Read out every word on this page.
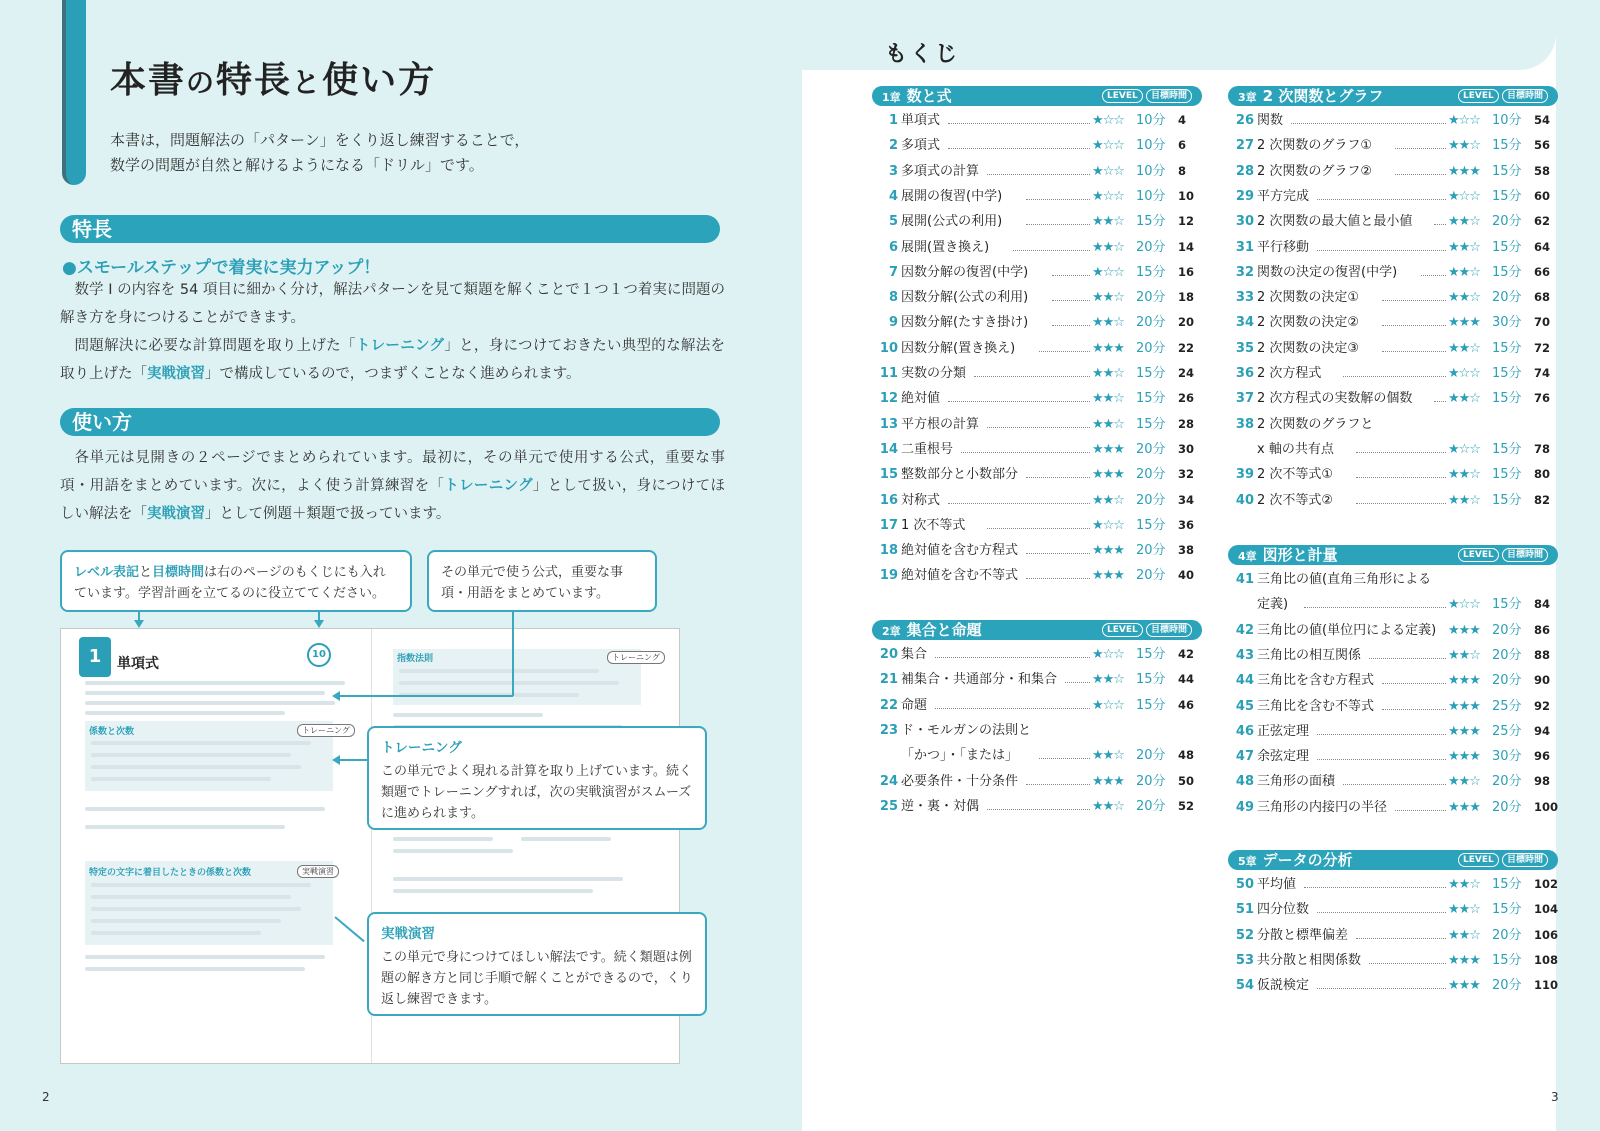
本書の特長と使い方
本書は，問題解法の「パターン」をくり返し練習することで，
数学の問題が自然と解けるようになる「ドリル」です。
特長
●スモールステップで着実に実力アップ！
数学 I の内容を 54 項目に細かく分け，解法パターンを見て類題を解くことで１つ１つ着実に問題の解き方を身につけることができます。
問題解決に必要な計算問題を取り上げた「トレーニング」と，身につけておきたい典型的な解法を取り上げた「実戦演習」で構成しているので，つまずくことなく進められます。
使い方
各単元は見開きの２ページでまとめられています。最初に，その単元で使用する公式，重要な事項・用語をまとめています。次に，よく使う計算練習を「トレーニング」として扱い，身につけてほしい解法を「実戦演習」として例題＋類題で扱っています。
1	単項式
10
係数と次数	トレーニング
特定の文字に着目したときの係数と次数	実戦演習
指数法則	トレーニング
レベル表記と目標時間は右のページのもくじにも入れています。学習計画を立てるのに役立ててください。
その単元で使う公式，重要な事項・用語をまとめています。
トレーニング
この単元でよく現れる計算を取り上げています。続く類題でトレーニングすれば，次の実戦演習がスムーズに進められます。
実戦演習
この単元で身につけてほしい解法です。続く類題は例題の解き方と同じ手順で解くことができるので，くり返し練習できます。
2
もくじ
1章 数と式	LEVEL	目標時間
1 単項式	★☆☆ 10分 4
2 多項式	★☆☆ 10分 6
3 多項式の計算	★☆☆ 10分 8
4 展開の復習(中学)	★☆☆ 10分 10
5 展開(公式の利用)	★★☆ 15分 12
6 展開(置き換え)	★★☆ 20分 14
7 因数分解の復習(中学)	★☆☆ 15分 16
8 因数分解(公式の利用)	★★☆ 20分 18
9 因数分解(たすき掛け)	★★☆ 20分 20
10 因数分解(置き換え)	★★★ 20分 22
11 実数の分類	★★☆ 15分 24
12 絶対値	★★☆ 15分 26
13 平方根の計算	★★☆ 15分 28
14 二重根号	★★★ 20分 30
15 整数部分と小数部分	★★★ 20分 32
16 対称式	★★☆ 20分 34
17 1 次不等式	★☆☆ 15分 36
18 絶対値を含む方程式	★★★ 20分 38
19 絶対値を含む不等式	★★★ 20分 40
2章 集合と命題	LEVEL	目標時間
20 集合	★☆☆ 15分 42
21 補集合・共通部分・和集合	★★☆ 15分 44
22 命題	★☆☆ 15分 46
23 ド・モルガンの法則と
「かつ」・「または」	★★☆ 20分 48
24 必要条件・十分条件	★★★ 20分 50
25 逆・裏・対偶	★★☆ 20分 52
3章 2 次関数とグラフ	LEVEL	目標時間
26 関数	★☆☆ 10分 54
27 2 次関数のグラフ①	★★☆ 15分 56
28 2 次関数のグラフ②	★★★ 15分 58
29 平方完成	★☆☆ 15分 60
30 2 次関数の最大値と最小値	★★☆ 20分 62
31 平行移動	★★☆ 15分 64
32 関数の決定の復習(中学)	★★☆ 15分 66
33 2 次関数の決定①	★★☆ 20分 68
34 2 次関数の決定②	★★★ 30分 70
35 2 次関数の決定③	★★☆ 15分 72
36 2 次方程式	★☆☆ 15分 74
37 2 次方程式の実数解の個数	★★☆ 15分 76
38 2 次関数のグラフと
x 軸の共有点	★☆☆ 15分 78
39 2 次不等式①	★★☆ 15分 80
40 2 次不等式②	★★☆ 15分 82
4章 図形と計量	LEVEL	目標時間
41 三角比の値(直角三角形による
定義)	★☆☆ 15分 84
42 三角比の値(単位円による定義) ★★★ 20分 86
43 三角比の相互関係	★★☆ 20分 88
44 三角比を含む方程式	★★★ 20分 90
45 三角比を含む不等式	★★★ 25分 92
46 正弦定理	★★★ 25分 94
47 余弦定理	★★★ 30分 96
48 三角形の面積	★★☆ 20分 98
49 三角形の内接円の半径	★★★ 20分 100
5章 データの分析	LEVEL	目標時間
50 平均値	★★☆ 15分 102
51 四分位数	★★☆ 15分 104
52 分散と標準偏差	★★☆ 20分 106
53 共分散と相関係数	★★★ 15分 108
54 仮説検定	★★★ 20分 110
3
